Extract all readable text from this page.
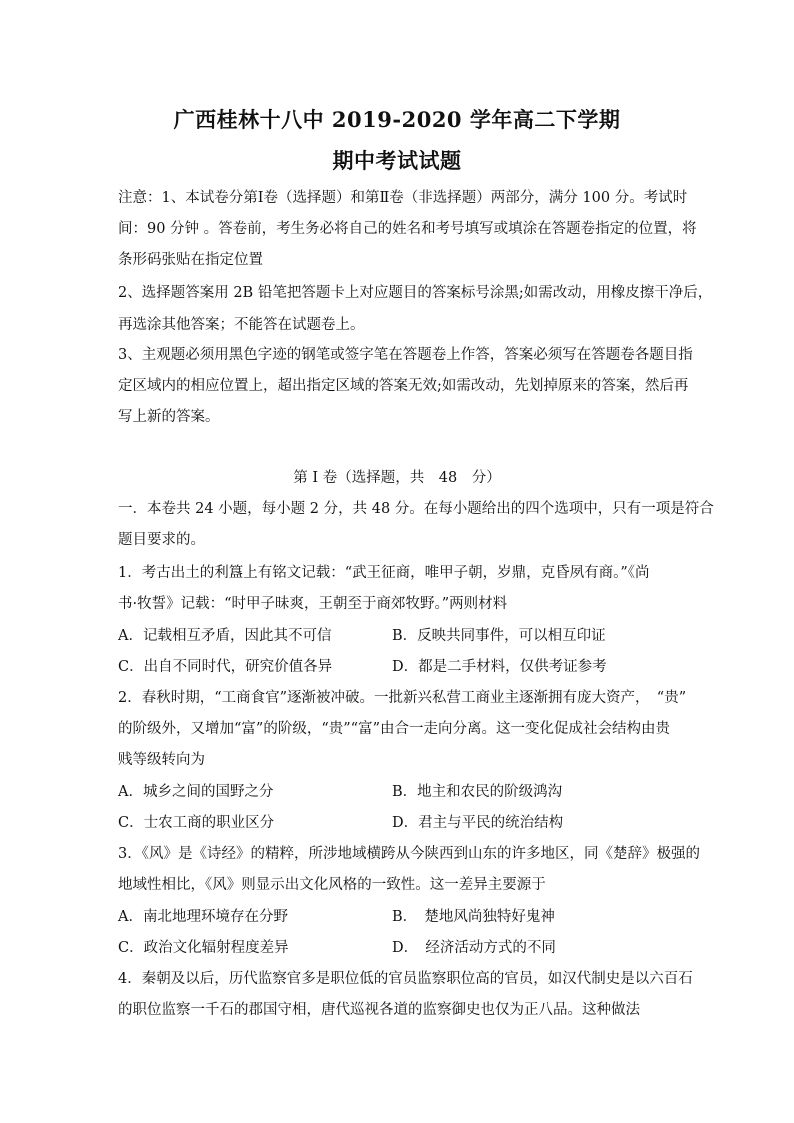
广西桂林十八中 2019-2020 学年高二下学期
期中考试试题
注意：1、本试卷分第Ⅰ卷（选择题）和第Ⅱ卷（非选择题）两部分，满分 100 分。考试时
间：90 分钟 。答卷前，考生务必将自己的姓名和考号填写或填涂在答题卷指定的位置，将
条形码张贴在指定位置
2、选择题答案用 2B 铅笔把答题卡上对应题目的答案标号涂黑;如需改动，用橡皮擦干净后，
再选涂其他答案；不能答在试题卷上。
3、主观题必须用黑色字迹的钢笔或签字笔在答题卷上作答，答案必须写在答题卷各题目指
定区域内的相应位置上，超出指定区域的答案无效;如需改动，先划掉原来的答案，然后再
写上新的答案。
第 I 卷（选择题，共　48　分）
一．本卷共 24 小题，每小题 2 分，共 48 分。在每小题给出的四个选项中，只有一项是符合
题目要求的。
1．考古出土的利簋上有铭文记载：“武王征商，唯甲子朝，岁鼎，克昏夙有商。”《尚
书·牧誓》记载：“时甲子昧爽，王朝至于商郊牧野。”两则材料
A．记载相互矛盾，因此其不可信	B．反映共同事件，可以相互印证
C．出自不同时代，研究价值各异	D．都是二手材料，仅供考证参考
2．春秋时期，“工商食官”逐渐被冲破。一批新兴私营工商业主逐渐拥有庞大资产，　“贵”
的阶级外，又增加“富”的阶级，“贵”“富”由合一走向分离。这一变化促成社会结构由贵
贱等级转向为
A．城乡之间的国野之分	B．地主和农民的阶级鸿沟
C．士农工商的职业区分	D．君主与平民的统治结构
3．《风》是《诗经》的精粹，所涉地域横跨从今陕西到山东的许多地区，同《楚辞》极强的
地域性相比，《风》则显示出文化风格的一致性。这一差异主要源于
A．南北地理环境存在分野	B．　楚地风尚独特好鬼神
C．政治文化辐射程度差异	D．　经济活动方式的不同
4．秦朝及以后，历代监察官多是职位低的官员监察职位高的官员，如汉代制史是以六百石
的职位监察一千石的郡国守相，唐代巡视各道的监察御史也仅为正八品。这种做法
